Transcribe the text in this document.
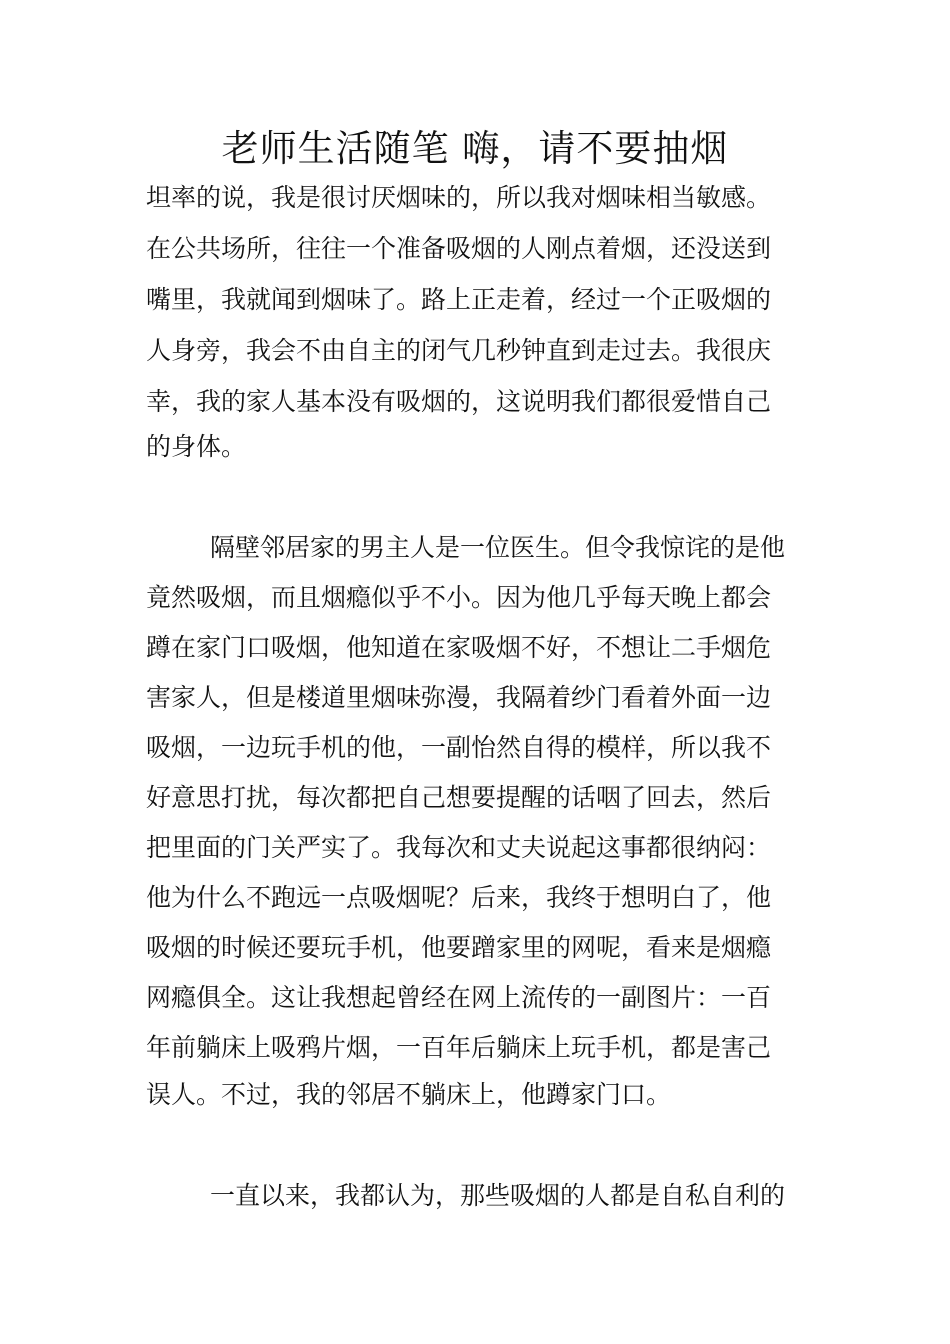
老师生活随笔 嗨，请不要抽烟
坦率的说，我是很讨厌烟味的，所以我对烟味相当敏感。
在公共场所，往往一个准备吸烟的人刚点着烟，还没送到
嘴里，我就闻到烟味了。路上正走着，经过一个正吸烟的
人身旁，我会不由自主的闭气几秒钟直到走过去。我很庆
幸，我的家人基本没有吸烟的，这说明我们都很爱惜自己
的身体。
隔壁邻居家的男主人是一位医生。但令我惊诧的是他
竟然吸烟，而且烟瘾似乎不小。因为他几乎每天晚上都会
蹲在家门口吸烟，他知道在家吸烟不好，不想让二手烟危
害家人，但是楼道里烟味弥漫，我隔着纱门看着外面一边
吸烟，一边玩手机的他，一副怡然自得的模样，所以我不
好意思打扰，每次都把自己想要提醒的话咽了回去，然后
把里面的门关严实了。我每次和丈夫说起这事都很纳闷：
他为什么不跑远一点吸烟呢？后来，我终于想明白了，他
吸烟的时候还要玩手机，他要蹭家里的网呢，看来是烟瘾
网瘾俱全。这让我想起曾经在网上流传的一副图片：一百
年前躺床上吸鸦片烟，一百年后躺床上玩手机，都是害己
误人。不过，我的邻居不躺床上，他蹲家门口。
一直以来，我都认为，那些吸烟的人都是自私自利的
